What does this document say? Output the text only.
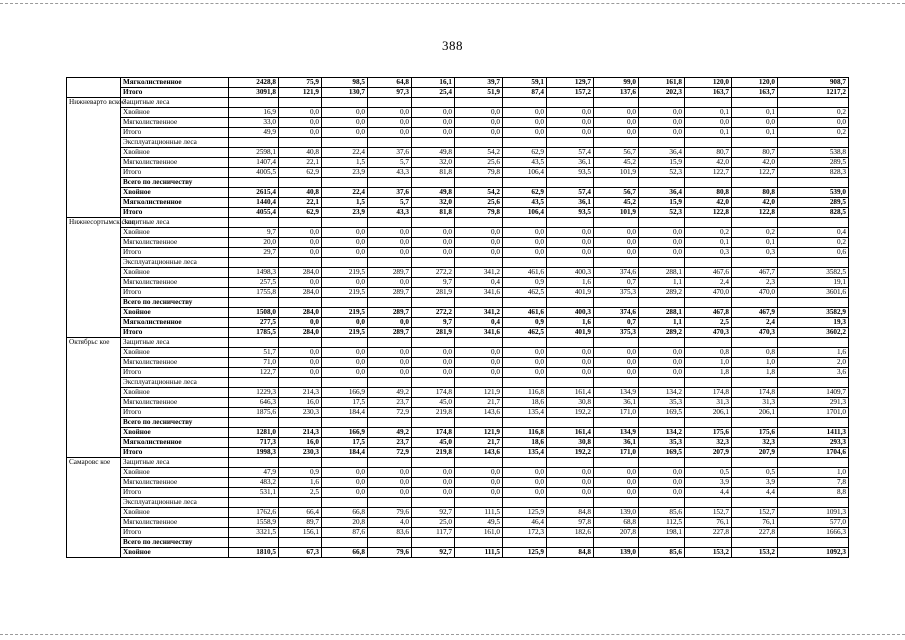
388
	Мягколиственное	2428,8	75,9	98,5	64,8	16,1	39,7	59,1	129,7	99,0	161,8	120,0	120,0	908,7
	Итого	3091,8	121,9	130,7	97,3	25,4	51,9	87,4	157,2	137,6	202,3	163,7	163,7	1217,2
Нижневарто вское	Защитные леса													
	Хвойное	16,9	0,0	0,0	0,0	0,0	0,0	0,0	0,0	0,0	0,0	0,1	0,1	0,2
	Мягколиственное	33,0	0,0	0,0	0,0	0,0	0,0	0,0	0,0	0,0	0,0	0,0	0,0	0,0
	Итого	49,9	0,0	0,0	0,0	0,0	0,0	0,0	0,0	0,0	0,0	0,1	0,1	0,2
	Эксплуатационные леса													
	Хвойное	2598,1	40,8	22,4	37,6	49,8	54,2	62,9	57,4	56,7	36,4	80,7	80,7	538,8
	Мягколиственное	1407,4	22,1	1,5	5,7	32,0	25,6	43,5	36,1	45,2	15,9	42,0	42,0	289,5
	Итого	4005,5	62,9	23,9	43,3	81,8	79,8	106,4	93,5	101,9	52,3	122,7	122,7	828,3
	Всего по лесничеству													
	Хвойное	2615,4	40,8	22,4	37,6	49,8	54,2	62,9	57,4	56,7	36,4	80,8	80,8	539,0
	Мягколиственное	1440,4	22,1	1,5	5,7	32,0	25,6	43,5	36,1	45,2	15,9	42,0	42,0	289,5
	Итого	4055,4	62,9	23,9	43,3	81,8	79,8	106,4	93,5	101,9	52,3	122,8	122,8	828,5
Нижнесортымск ское	Защитные леса													
	Хвойное	9,7	0,0	0,0	0,0	0,0	0,0	0,0	0,0	0,0	0,0	0,2	0,2	0,4
	Мягколиственное	20,0	0,0	0,0	0,0	0,0	0,0	0,0	0,0	0,0	0,0	0,1	0,1	0,2
	Итого	29,7	0,0	0,0	0,0	0,0	0,0	0,0	0,0	0,0	0,0	0,3	0,3	0,6
	Эксплуатационные леса													
	Хвойное	1498,3	284,0	219,5	289,7	272,2	341,2	461,6	400,3	374,6	288,1	467,6	467,7	3582,5
	Мягколиственное	257,5	0,0	0,0	0,0	9,7	0,4	0,9	1,6	0,7	1,1	2,4	2,3	19,1
	Итого	1755,8	284,0	219,5	289,7	281,9	341,6	462,5	401,9	375,3	289,2	470,0	470,0	3601,6
	Всего по лесничеству													
	Хвойное	1508,0	284,0	219,5	289,7	272,2	341,2	461,6	400,3	374,6	288,1	467,8	467,9	3582,9
	Мягколиственное	277,5	0,0	0,0	0,0	9,7	0,4	0,9	1,6	0,7	1,1	2,5	2,4	19,3
	Итого	1785,5	284,0	219,5	289,7	281,9	341,6	462,5	401,9	375,3	289,2	470,3	470,3	3602,2
Октябрьс кое	Защитные леса													
	Хвойное	51,7	0,0	0,0	0,0	0,0	0,0	0,0	0,0	0,0	0,0	0,8	0,8	1,6
	Мягколиственное	71,0	0,0	0,0	0,0	0,0	0,0	0,0	0,0	0,0	0,0	1,0	1,0	2,0
	Итого	122,7	0,0	0,0	0,0	0,0	0,0	0,0	0,0	0,0	0,0	1,8	1,8	3,6
	Эксплуатационные леса													
	Хвойное	1229,3	214,3	166,9	49,2	174,8	121,9	116,8	161,4	134,9	134,2	174,8	174,8	1409,7
	Мягколиственное	646,3	16,0	17,5	23,7	45,0	21,7	18,6	30,8	36,1	35,3	31,3	31,3	291,3
	Итого	1875,6	230,3	184,4	72,9	219,8	143,6	135,4	192,2	171,0	169,5	206,1	206,1	1701,0
	Всего по лесничеству													
	Хвойное	1281,0	214,3	166,9	49,2	174,8	121,9	116,8	161,4	134,9	134,2	175,6	175,6	1411,3
	Мягколиственное	717,3	16,0	17,5	23,7	45,0	21,7	18,6	30,8	36,1	35,3	32,3	32,3	293,3
	Итого	1998,3	230,3	184,4	72,9	219,8	143,6	135,4	192,2	171,0	169,5	207,9	207,9	1704,6
Самаровс кое	Защитные леса													
	Хвойное	47,9	0,9	0,0	0,0	0,0	0,0	0,0	0,0	0,0	0,0	0,5	0,5	1,0
	Мягколиственное	483,2	1,6	0,0	0,0	0,0	0,0	0,0	0,0	0,0	0,0	3,9	3,9	7,8
	Итого	531,1	2,5	0,0	0,0	0,0	0,0	0,0	0,0	0,0	0,0	4,4	4,4	8,8
	Эксплуатационные леса													
	Хвойное	1762,6	66,4	66,8	79,6	92,7	111,5	125,9	84,8	139,0	85,6	152,7	152,7	1091,3
	Мягколиственное	1558,9	89,7	20,8	4,0	25,0	49,5	46,4	97,8	68,8	112,5	76,1	76,1	577,0
	Итого	3321,5	156,1	87,6	83,6	117,7	161,0	172,3	182,6	207,8	198,1	227,8	227,8	1666,3
	Всего по лесничеству													
	Хвойное	1810,5	67,3	66,8	79,6	92,7	111,5	125,9	84,8	139,0	85,6	153,2	153,2	1092,3
